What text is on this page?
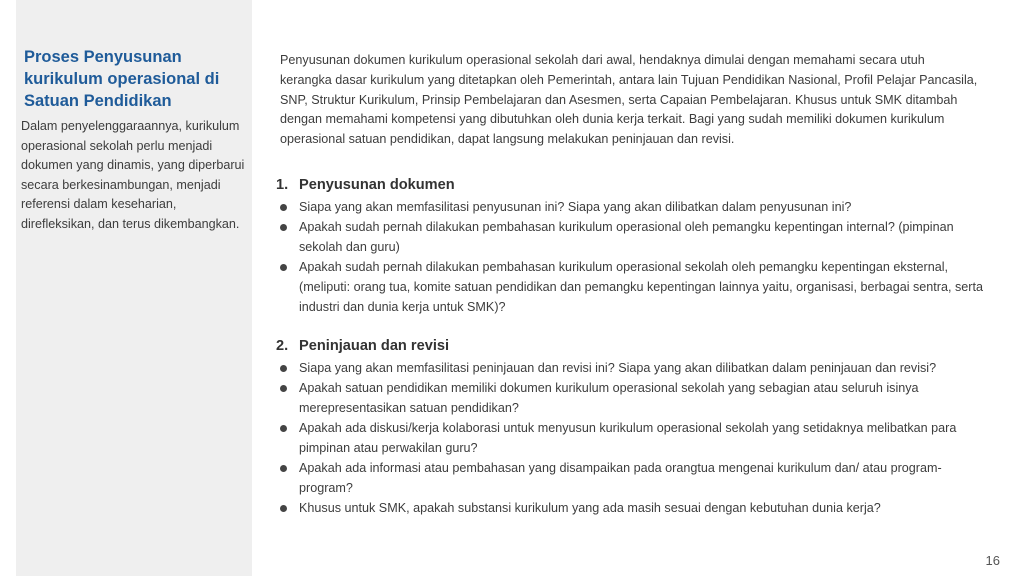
Proses Penyusunan kurikulum operasional di Satuan Pendidikan
Dalam penyelenggaraannya, kurikulum operasional sekolah perlu menjadi dokumen yang dinamis, yang diperbarui secara berkesinambungan, menjadi referensi dalam keseharian, direfleksikan, dan terus dikembangkan.
Penyusunan dokumen kurikulum operasional sekolah dari awal, hendaknya dimulai dengan memahami secara utuh kerangka dasar kurikulum yang ditetapkan oleh Pemerintah, antara lain Tujuan Pendidikan Nasional, Profil Pelajar Pancasila, SNP, Struktur Kurikulum, Prinsip Pembelajaran dan Asesmen, serta Capaian Pembelajaran. Khusus untuk SMK ditambah dengan memahami kompetensi yang dibutuhkan oleh dunia kerja terkait. Bagi yang sudah memiliki dokumen kurikulum operasional satuan pendidikan, dapat langsung melakukan peninjauan dan revisi.
1. Penyusunan dokumen
Siapa yang akan memfasilitasi penyusunan ini? Siapa yang akan dilibatkan dalam penyusunan ini?
Apakah sudah pernah dilakukan pembahasan kurikulum operasional oleh pemangku kepentingan internal? (pimpinan sekolah dan guru)
Apakah sudah pernah dilakukan pembahasan kurikulum operasional sekolah oleh pemangku kepentingan eksternal, (meliputi: orang tua, komite satuan pendidikan dan pemangku kepentingan lainnya yaitu, organisasi, berbagai sentra, serta industri dan dunia kerja untuk SMK)?
2. Peninjauan dan revisi
Siapa yang akan memfasilitasi peninjauan dan revisi ini? Siapa yang akan dilibatkan dalam peninjauan dan revisi?
Apakah satuan pendidikan memiliki dokumen kurikulum operasional sekolah yang sebagian atau seluruh isinya merepresentasikan satuan pendidikan?
Apakah ada diskusi/kerja kolaborasi untuk menyusun kurikulum operasional sekolah yang setidaknya melibatkan para pimpinan atau perwakilan guru?
Apakah ada informasi atau pembahasan yang disampaikan pada orangtua mengenai kurikulum dan/ atau program-program?
Khusus untuk SMK, apakah substansi kurikulum yang ada masih sesuai dengan kebutuhan dunia kerja?
16
